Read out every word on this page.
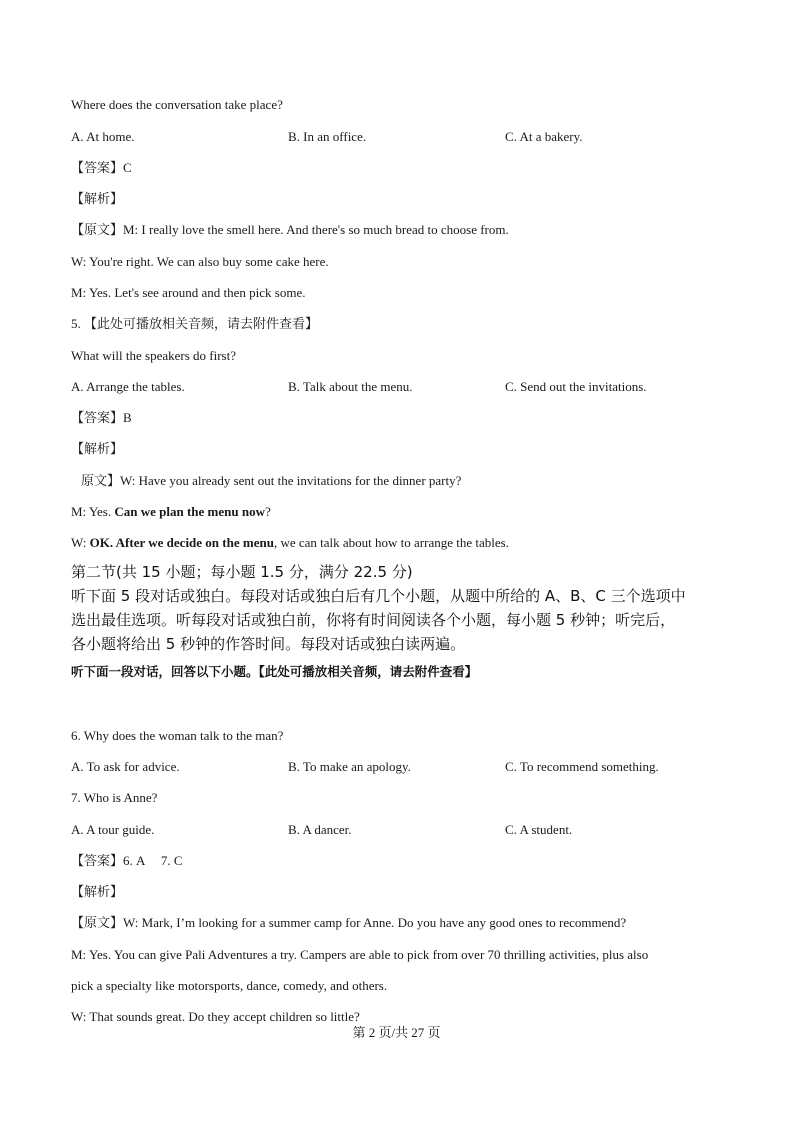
Where does the conversation take place?
A. At home.	B. In an office.	C. At a bakery.
【答案】C
【解析】
【原文】M: I really love the smell here. And there's so much bread to choose from.
W: You're right. We can also buy some cake here.
M: Yes. Let's see around and then pick some.
5. 【此处可播放相关音频，请去附件查看】
What will the speakers do first?
A. Arrange the tables.	B. Talk about the menu.	C. Send out the invitations.
【答案】B
【解析】
原文】W: Have you already sent out the invitations for the dinner party?
M: Yes. Can we plan the menu now?
W: OK. After we decide on the menu, we can talk about how to arrange the tables.
第二节(共 15 小题；每小题 1.5 分，满分 22.5 分)
听下面 5 段对话或独白。每段对话或独白后有几个小题，从题中所给的 A、B、C 三个选项中
选出最佳选项。听每段对话或独白前，你将有时间阅读各个小题，每小题 5 秒钟；听完后，
各小题将给出 5 秒钟的作答时间。每段对话或独白读两遍。
听下面一段对话，回答以下小题。【此处可播放相关音频，请去附件查看】
6. Why does the woman talk to the man?
A. To ask for advice.	B. To make an apology.	C. To recommend something.
7. Who is Anne?
A. A tour guide.	B. A dancer.	C. A student.
【答案】6. A     7. C
【解析】
【原文】W: Mark, I’m looking for a summer camp for Anne. Do you have any good ones to recommend?
M: Yes. You can give Pali Adventures a try. Campers are able to pick from over 70 thrilling activities, plus also
pick a specialty like motorsports, dance, comedy, and others.
W: That sounds great. Do they accept children so little?
第 2 页/共 27 页
